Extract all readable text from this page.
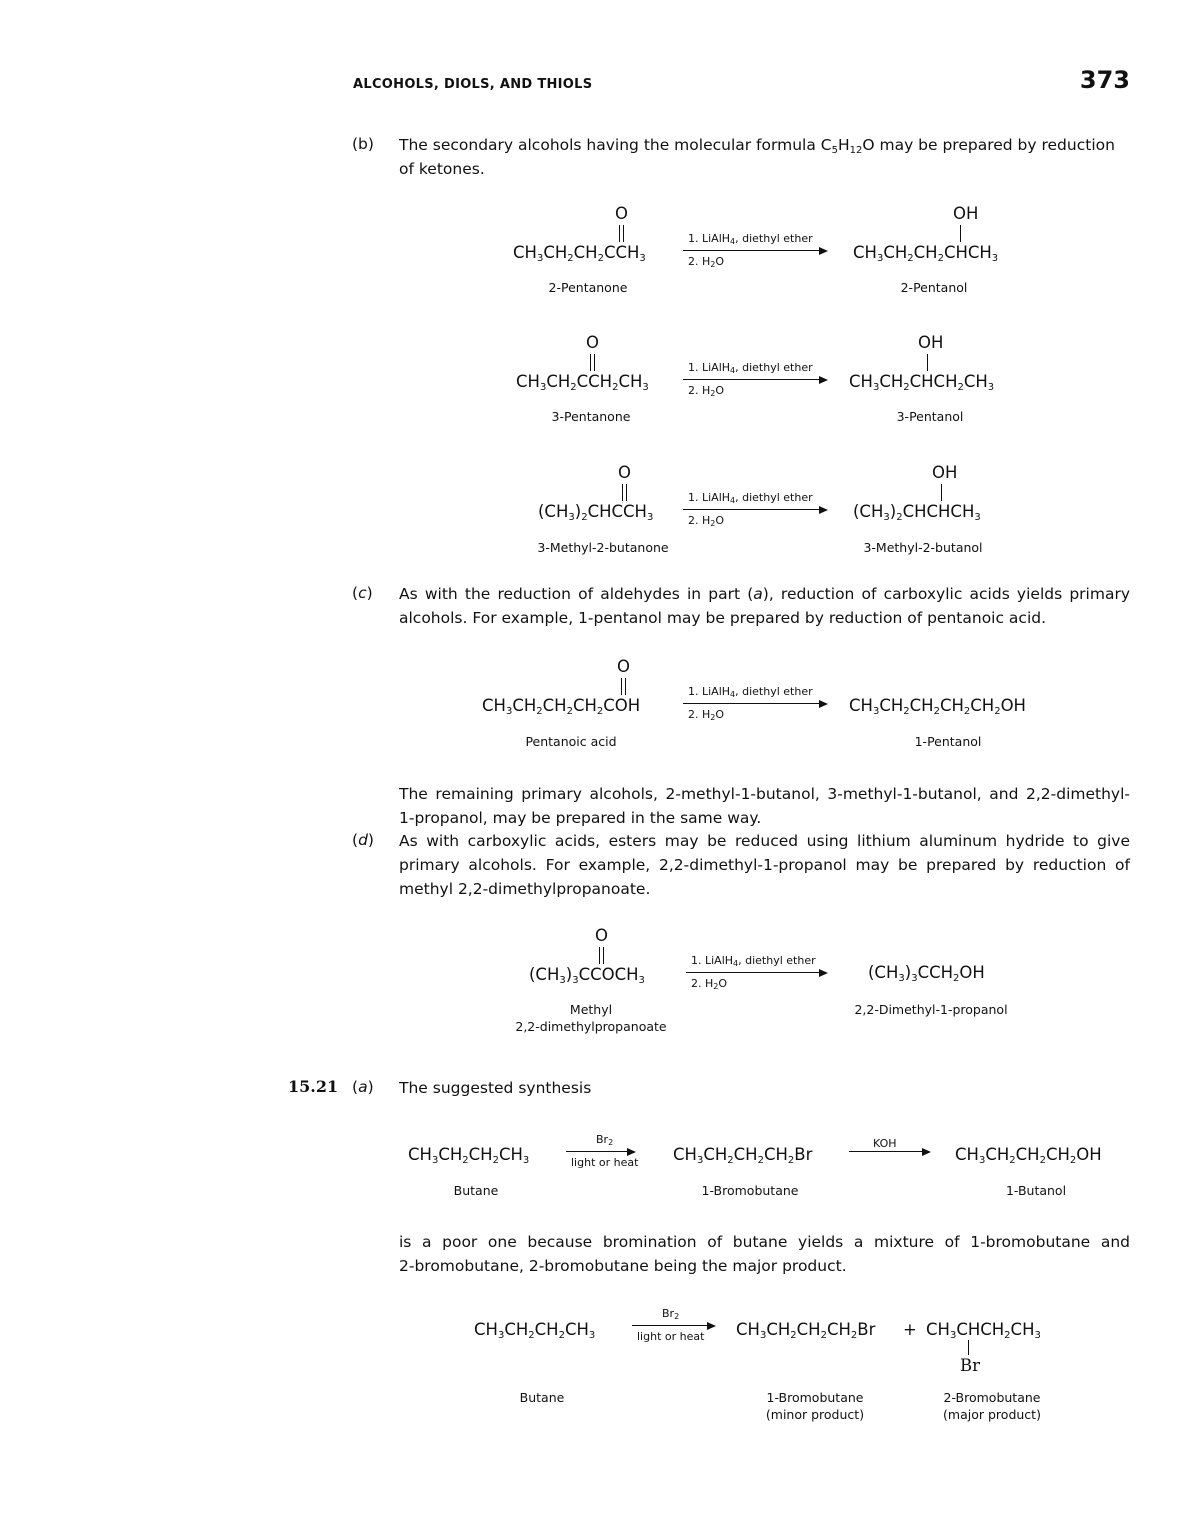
ALCOHOLS, DIOLS, AND THIOLS	373
(b) The secondary alcohols having the molecular formula $C_5H_{12}O$ may be prepared by reduction of ketones.
O
$CH_3CH_2CH_2CCH_3$
2-Pentanone
1. LiAlH$_4$, diethyl ether
2. $H_2O$
OH
$CH_3CH_2CH_2CHCH_3$
2-Pentanol
O
$CH_3CH_2CCH_2CH_3$
3-Pentanone
1. LiAlH$_4$, diethyl ether
2. $H_2O$
OH
$CH_3CH_2CHCH_2CH_3$
3-Pentanol
O
$(CH_3)_2CHCCH_3$
3-Methyl-2-butanone
1. LiAlH$_4$, diethyl ether
2. $H_2O$
OH
$(CH_3)_2CHCHCH_3$
3-Methyl-2-butanol
(c) As with the reduction of aldehydes in part (a), reduction of carboxylic acids yields primary
alcohols. For example, 1-pentanol may be prepared by reduction of pentanoic acid.
O
$CH_3CH_2CH_2CH_2COH$
Pentanoic acid
1. LiAlH$_4$, diethyl ether
2. $H_2O$	$CH_3CH_2CH_2CH_2CH_2OH$
1-Pentanol
The remaining primary alcohols, 2-methyl-1-butanol, 3-methyl-1-butanol, and 2,2-dimethyl-
1-propanol, may be prepared in the same way.
(d) As with carboxylic acids, esters may be reduced using lithium aluminum hydride to give
primary alcohols. For example, 2,2-dimethyl-1-propanol may be prepared by reduction of
methyl 2,2-dimethylpropanoate.
O
$(CH_3)_3CCOCH_3$
Methyl
2,2-dimethylpropanoate
1. LiAlH$_4$, diethyl ether
2. $H_2O$
$(CH_3)_3CCH_2OH$
2,2-Dimethyl-1-propanol
15.21 (a) The suggested synthesis
$CH_3CH_2CH_2CH_3$
Butane
$Br_2$
light or heat $CH_3CH_2CH_2CH_2Br$
1-Bromobutane
KOH
$CH_3CH_2CH_2CH_2OH$
1-Butanol
is a poor one because bromination of butane yields a mixture of 1-bromobutane and
2-bromobutane, 2-bromobutane being the major product.
$CH_3CH_2CH_2CH_3$
Butane
$Br_2$
light or heat $CH_3CH_2CH_2CH_2Br$ + $CH_3CHCH_2CH_3$
Br
1-Bromobutane
(minor product)
2-Bromobutane
(major product)
